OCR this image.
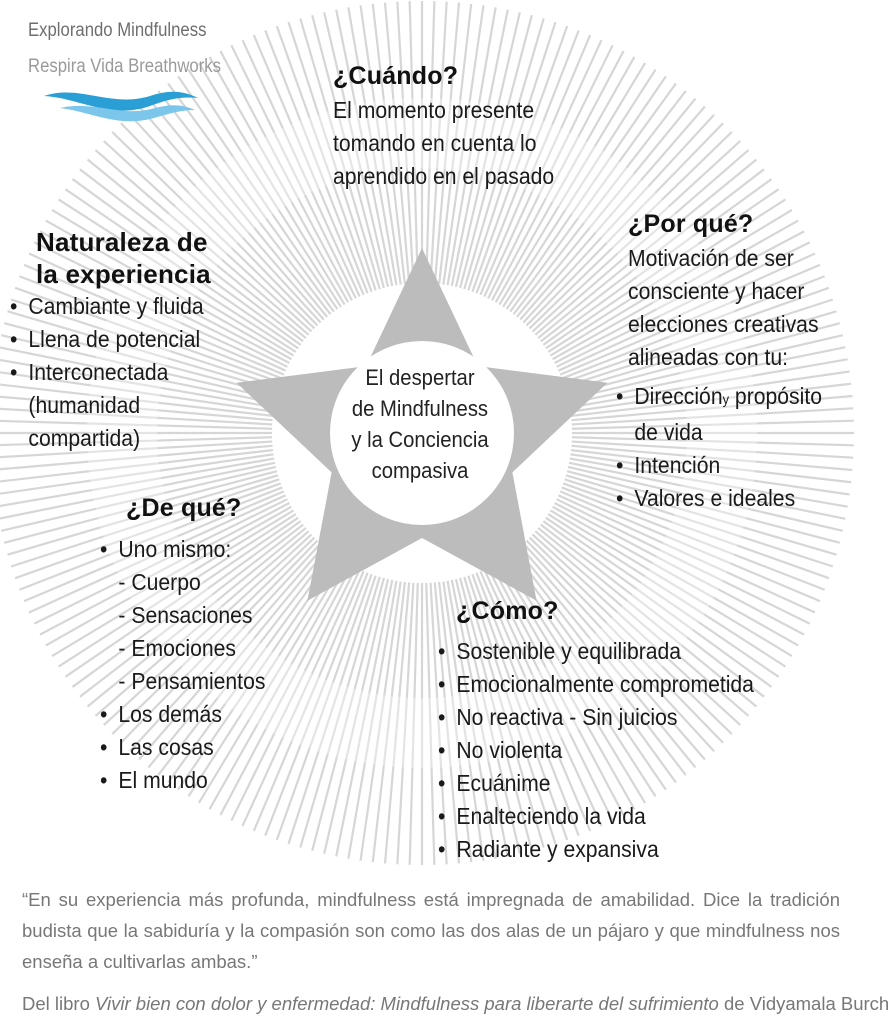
Explorando Mindfulness
Respira Vida Breathworks	¿Cuándo?
El momento presente
tomando en cuenta lo
aprendido en el pasado
¿Por qué?
Motivación de ser
consciente y hacer
elecciones creativas
alineadas con tu:
• Direccióny propósito
de vida
• Intención
• Valores e ideales
Naturaleza de
la experiencia
• Cambiante y fluida
• Llena de potencial
• Interconectada
(humanidad
compartida)
¿De qué?
• Uno mismo:
- Cuerpo
- Sensaciones
- Emociones
- Pensamientos
• Los demás
• Las cosas
• El mundo
¿Cómo?
• Sostenible y equilibrada
• Emocionalmente comprometida
• No reactiva - Sin juicios
• No violenta
• Ecuánime
• Enalteciendo la vida
• Radiante y expansiva
El despertar
de Mindfulness
y la Conciencia
compasiva
“En su experiencia más profunda, mindfulness está impregnada de amabilidad. Dice la tradición budista que la sabiduría y la compasión son como las dos alas de un pájaro y que mindfulness nos enseña a cultivarlas ambas.”
Del libro Vivir bien con dolor y enfermedad: Mindfulness para liberarte del sufrimiento de Vidyamala Burch
